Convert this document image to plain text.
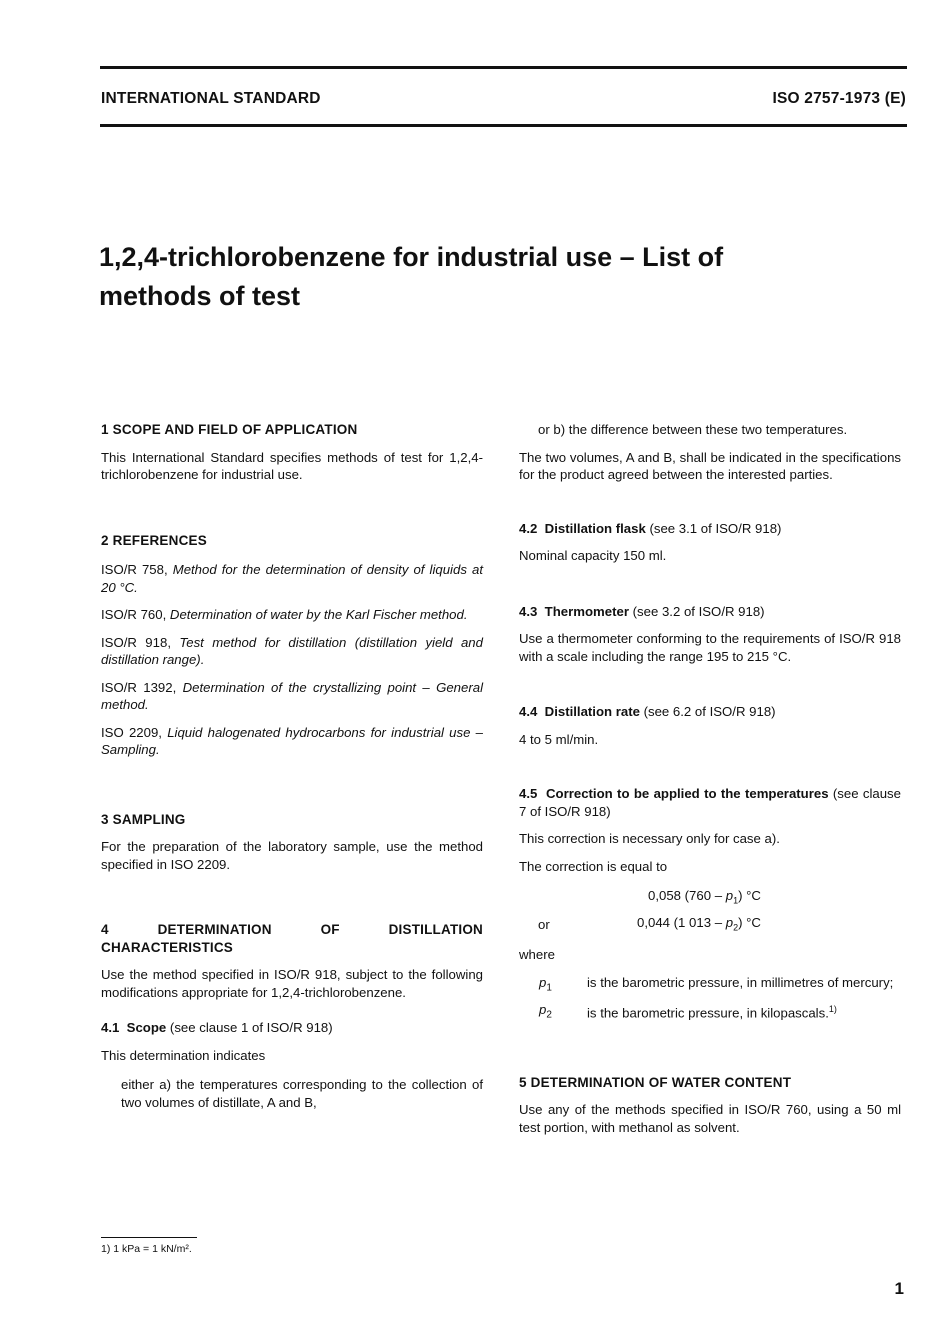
INTERNATIONAL STANDARD	ISO 2757-1973 (E)
1,2,4-trichlorobenzene for industrial use – List of
methods of test

1 SCOPE AND FIELD OF APPLICATION

This International Standard specifies methods of test for 1,2,4-trichlorobenzene for industrial use.

2 REFERENCES

ISO/R 758, Method for the determination of density of liquids at 20 °C.

ISO/R 760, Determination of water by the Karl Fischer method.

ISO/R 918, Test method for distillation (distillation yield and distillation range).

ISO/R 1392, Determination of the crystallizing point – General method.

ISO 2209, Liquid halogenated hydrocarbons for industrial use – Sampling.

3 SAMPLING

For the preparation of the laboratory sample, use the method specified in ISO 2209.

4 DETERMINATION OF DISTILLATION CHARACTERISTICS

Use the method specified in ISO/R 918, subject to the following modifications appropriate for 1,2,4-trichlorobenzene.

4.1 Scope (see clause 1 of ISO/R 918)

This determination indicates

either a) the temperatures corresponding to the collection of two volumes of distillate, A and B,

or b) the difference between these two temperatures.

The two volumes, A and B, shall be indicated in the specifications for the product agreed between the interested parties.

4.2 Distillation flask (see 3.1 of ISO/R 918)

Nominal capacity 150 ml.

4.3 Thermometer (see 3.2 of ISO/R 918)

Use a thermometer conforming to the requirements of ISO/R 918 with a scale including the range 195 to 215 °C.

4.4 Distillation rate (see 6.2 of ISO/R 918)

4 to 5 ml/min.

4.5 Correction to be applied to the temperatures (see clause 7 of ISO/R 918)

This correction is necessary only for case a).

The correction is equal to

0,058 $(760 - p_1)$ °C
or	0,044 (1 $013 - p_2$) °C

where

$p_1$	is the barometric pressure, in millimetres of mercury;
$p_2$	is the barometric pressure, in kilopascals.$^{1)}$

5 DETERMINATION OF WATER CONTENT

Use any of the methods specified in ISO/R 760, using a 50 ml test portion, with methanol as solvent.

1) 1 kPa = 1 kN/m².
1
